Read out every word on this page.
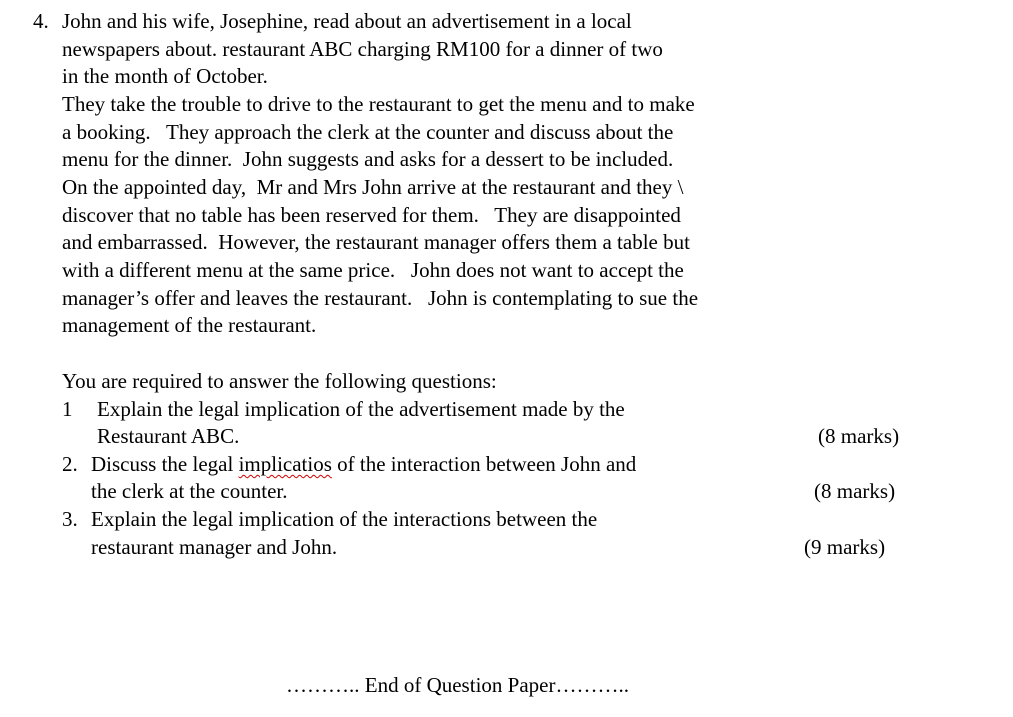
4. John and his wife, Josephine, read about an advertisement in a local
newspapers about. restaurant ABC charging RM100 for a dinner of two
in the month of October.
They take the trouble to drive to the restaurant to get the menu and to make
a booking.   They approach the clerk at the counter and discuss about the
menu for the dinner.  John suggests and asks for a dessert to be included.
On the appointed day,  Mr and Mrs John arrive at the restaurant and they \
discover that no table has been reserved for them.   They are disappointed
and embarrassed.  However, the restaurant manager offers them a table but
with a different menu at the same price.   John does not want to accept the
manager’s offer and leaves the restaurant.   John is contemplating to sue the
management of the restaurant.
You are required to answer the following questions:
1 Explain the legal implication of the advertisement made by the
Restaurant ABC.	(8 marks)
2. Discuss the legal implicatios of the interaction between John and
the clerk at the counter.	(8 marks)
3. Explain the legal implication of the interactions between the
restaurant manager and John.	(9 marks)
……….. End of Question Paper………..
